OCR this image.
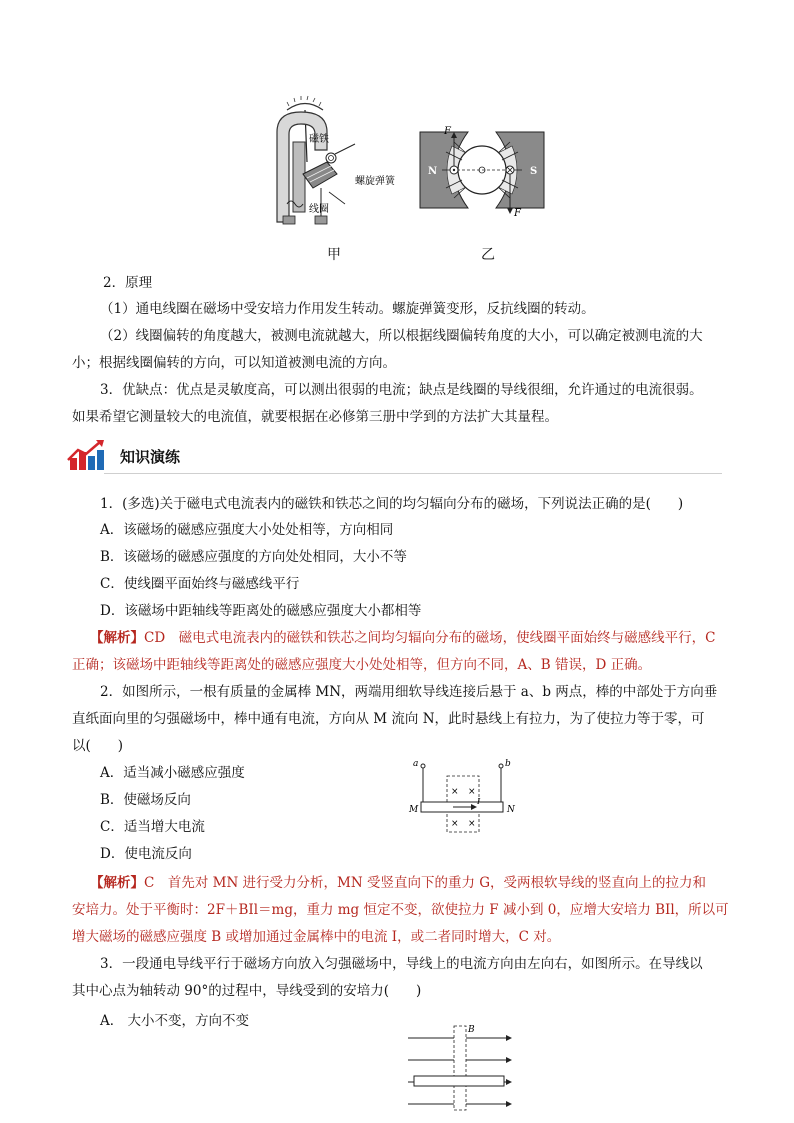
磁铁
螺旋弹簧
线圈
甲
F
F
N	S
乙
2．原理
（1）通电线圈在磁场中受安培力作用发生转动。螺旋弹簧变形，反抗线圈的转动。
（2）线圈偏转的角度越大，被测电流就越大，所以根据线圈偏转角度的大小，可以确定被测电流的大
小；根据线圈偏转的方向，可以知道被测电流的方向。
3．优缺点：优点是灵敏度高，可以测出很弱的电流；缺点是线圈的导线很细，允许通过的电流很弱。
如果希望它测量较大的电流值，就要根据在必修第三册中学到的方法扩大其量程。
知识演练
1．(多选)关于磁电式电流表内的磁铁和铁芯之间的均匀辐向分布的磁场，下列说法正确的是(　　)
A．该磁场的磁感应强度大小处处相等，方向相同
B．该磁场的磁感应强度的方向处处相同，大小不等
C．使线圈平面始终与磁感线平行
D．该磁场中距轴线等距离处的磁感应强度大小都相等
【解析】CD　磁电式电流表内的磁铁和铁芯之间均匀辐向分布的磁场，使线圈平面始终与磁感线平行，C
正确；该磁场中距轴线等距离处的磁感应强度大小处处相等，但方向不同，A、B 错误，D 正确。
2．如图所示，一根有质量的金属棒 MN，两端用细软导线连接后悬于 a、b 两点，棒的中部处于方向垂
直纸面向里的匀强磁场中，棒中通有电流，方向从 M 流向 N，此时悬线上有拉力，为了使拉力等于零，可
以(　　)
A．适当减小磁感应强度
B．使磁场反向
C．适当增大电流
D．使电流反向
a	b
M	N
I
× ×
× ×
【解析】C　首先对 MN 进行受力分析，MN 受竖直向下的重力 G，受两根软导线的竖直向上的拉力和
安培力。处于平衡时：2F＋BIl＝mg，重力 mg 恒定不变，欲使拉力 F 减小到 0，应增大安培力 BIl，所以可
增大磁场的磁感应强度 B 或增加通过金属棒中的电流 I，或二者同时增大，C 对。
3．一段通电导线平行于磁场方向放入匀强磁场中，导线上的电流方向由左向右，如图所示。在导线以
其中心点为轴转动 90°的过程中，导线受到的安培力(　　)
A． 大小不变，方向不变
B
